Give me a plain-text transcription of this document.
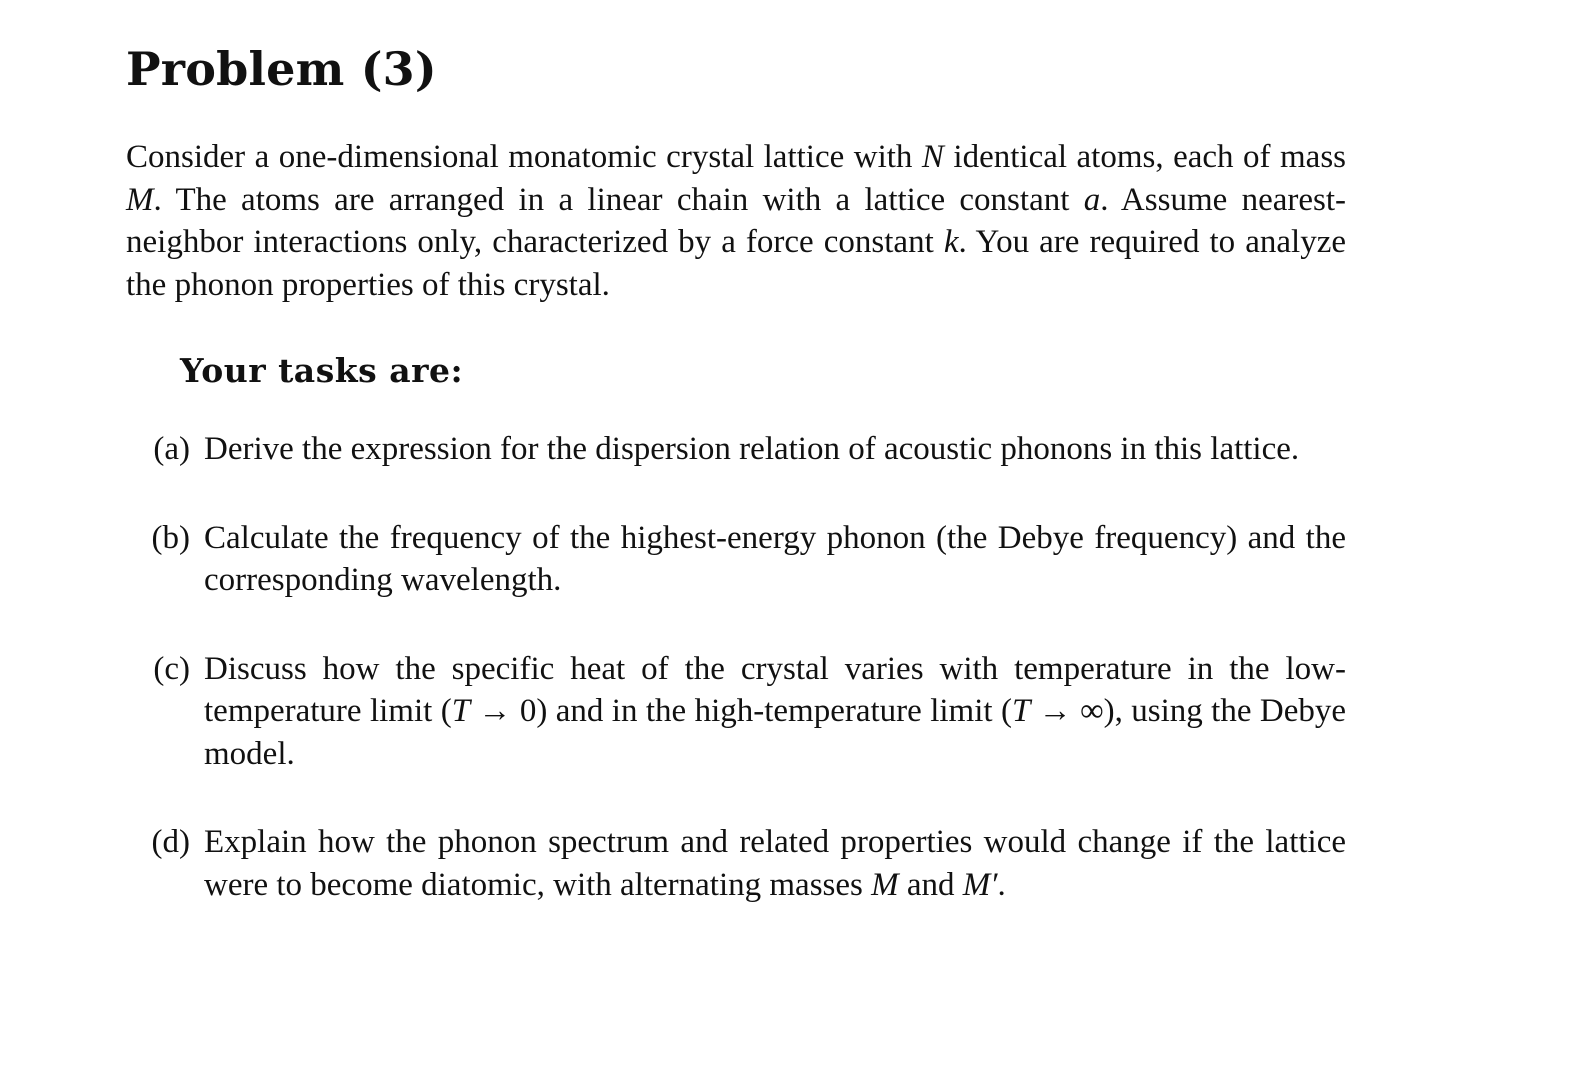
Problem (3)
Consider a one-dimensional monatomic crystal lattice with N identical atoms, each of mass M. The atoms are arranged in a linear chain with a lattice constant a. Assume nearest-neighbor interactions only, characterized by a force constant k. You are required to analyze the phonon properties of this crystal.
Your tasks are:
(a) Derive the expression for the dispersion relation of acoustic phonons in this lattice.
(b) Calculate the frequency of the highest-energy phonon (the Debye frequency) and the corresponding wavelength.
(c) Discuss how the specific heat of the crystal varies with temperature in the low-temperature limit (T → 0) and in the high-temperature limit (T → ∞), using the Debye model.
(d) Explain how the phonon spectrum and related properties would change if the lattice were to become diatomic, with alternating masses M and M′.
